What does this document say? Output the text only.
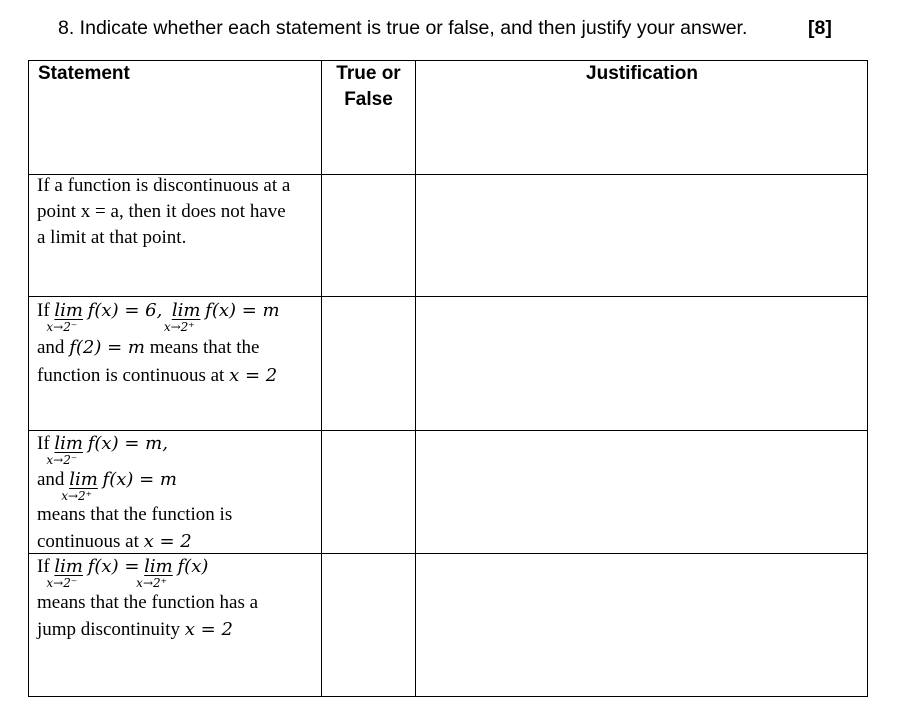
8. Indicate whether each statement is true or false, and then justify your answer.	[8]
Statement	True or
False
Justification
If a function is discontinuous at a
point x = a, then it does not have
a limit at that point.
If lim
x→2⁻
f(x) = 6, lim
x→2⁺
f(x) = m
and f(2) = m means that the
function is continuous at x = 2
If lim
x→2⁻
f(x) = m,
and lim
x→2⁺
f(x) = m
means that the function is
continuous at x = 2
If lim
x→2⁻
f(x) = lim
x→2⁺
f(x)
means that the function has a
jump discontinuity x = 2
